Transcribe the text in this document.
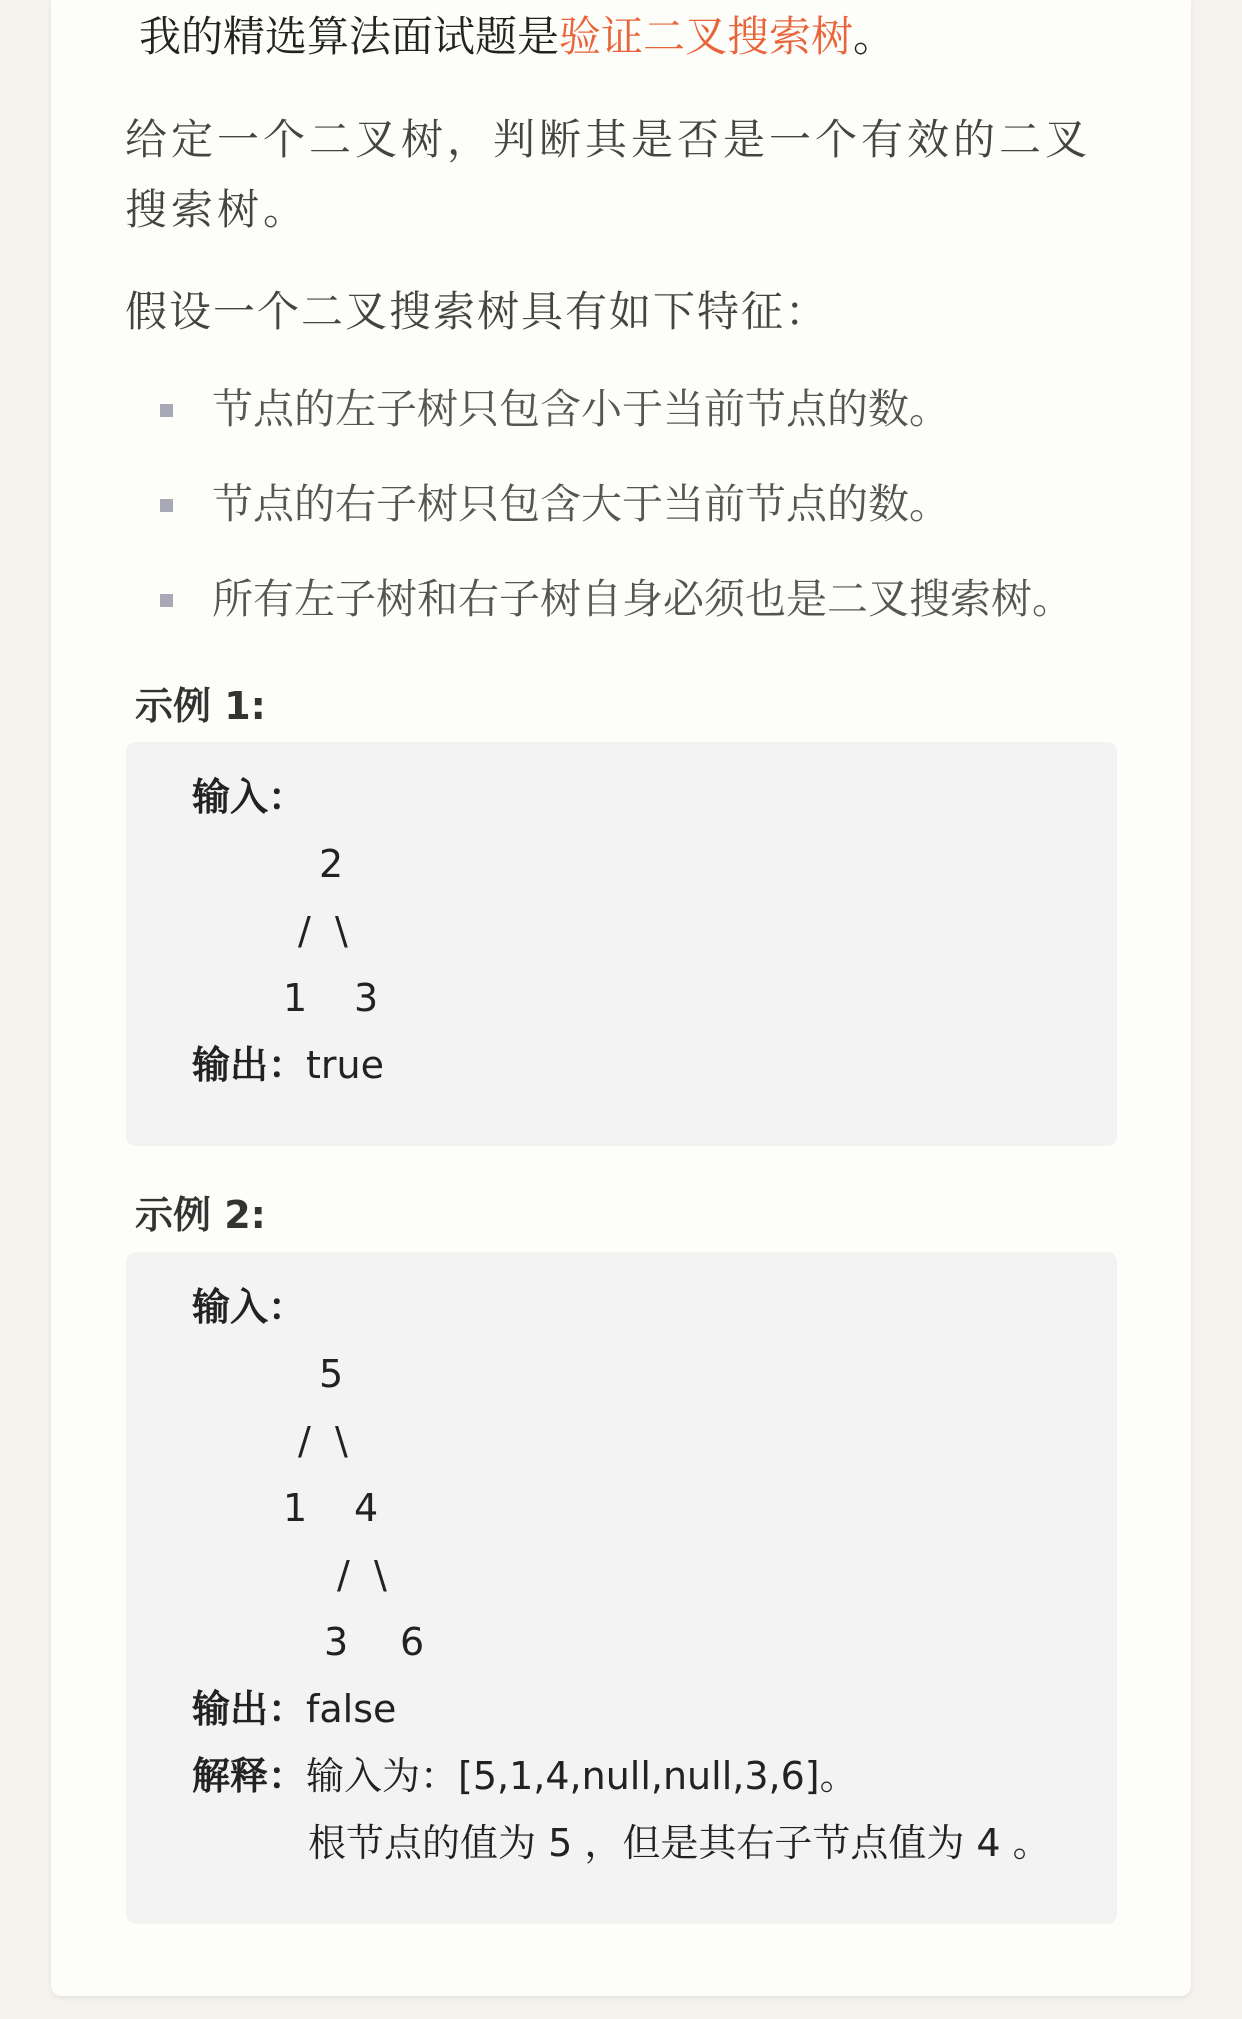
我的精选算法面试题是验证二叉搜索树。
给定一个二叉树，判断其是否是一个有效的二叉搜索树。
假设一个二叉搜索树具有如下特征：
节点的左子树只包含小于当前节点的数。
节点的右子树只包含大于当前节点的数。
所有左子树和右子树自身必须也是二叉搜索树。
示例 1:
输入：
2
/  \
1 3
输出：true
示例 2:
输入：
5
/  \
1 4
/  \
3 6
输出：false
解释：输入为：[5,1,4,null,null,3,6]。
根节点的值为 5 ，但是其右子节点值为 4 。
